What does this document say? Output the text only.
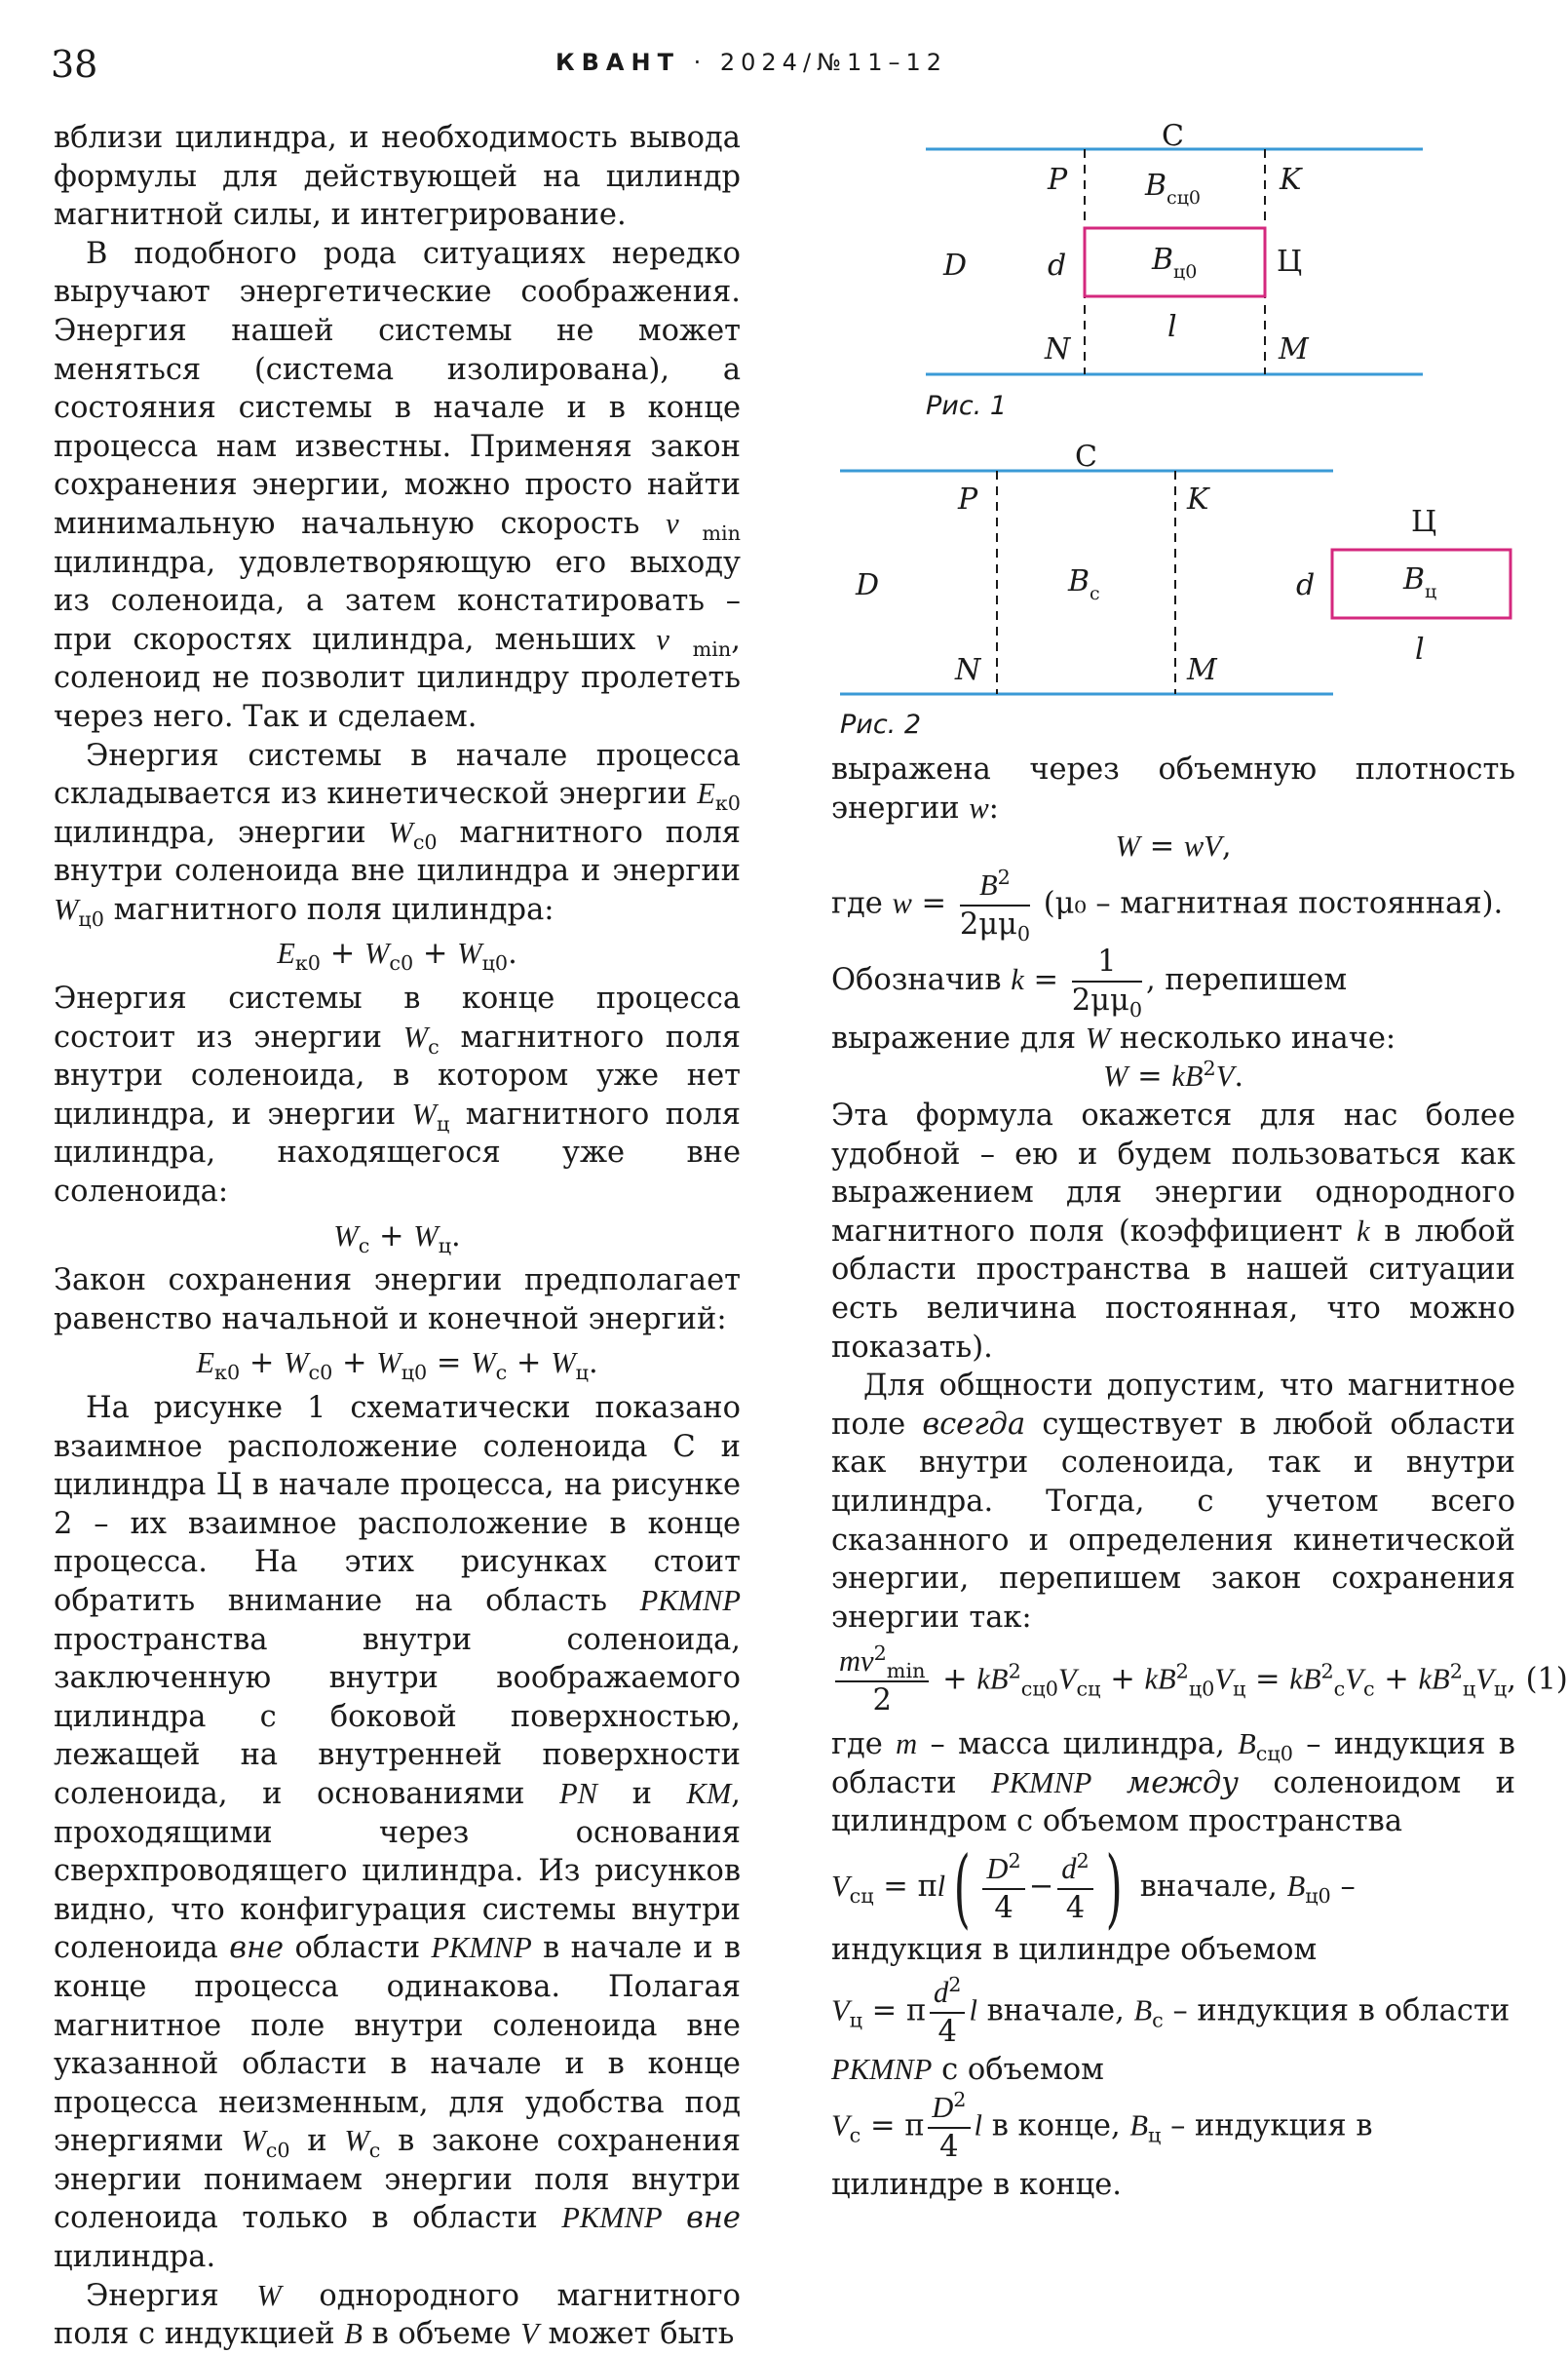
38	КВАНТ · 2024/№11–12
С
P	K
$B_{сц0}$
D	d	$B_{ц0}$	Ц
l
N	M
Рис. 1
С
P	K
D	$B_с$
Ц
d	$B_ц$
l
N	M
Рис. 2

вблизи цилиндра, и необходимость вывода формулы для действующей на цилиндр магнитной силы, и интегрирование.

В подобного рода ситуациях нередко выручают энергетические соображения. Энергия нашей системы не может меняться (система изолирована), а состояния системы в начале и в конце процесса нам известны. Применяя закон сохранения энергии, можно просто найти минимальную начальную скорость $v⃗_{min}$ цилиндра, удовлетворяющую его выходу из соленоида, а затем констатировать – при скоростях цилиндра, меньших $v⃗_{min}$, соленоид не позволит цилиндру пролететь через него. Так и сделаем.

Энергия системы в начале процесса складывается из кинетической энергии $E_{к0}$ цилиндра, энергии $W_{с0}$ магнитного поля внутри соленоида вне цилиндра и энергии $W_{ц0}$ магнитного поля цилиндра:

$E_{к0} + W_{с0} + W_{ц0}$.

Энергия системы в конце процесса состоит из энергии $W_с$ магнитного поля внутри соленоида, в котором уже нет цилиндра, и энергии $W_ц$ магнитного поля цилиндра, находящегося уже вне соленоида:

$W_с + W_ц$.

Закон сохранения энергии предполагает равенство начальной и конечной энергий:

$E_{к0} + W_{с0} + W_{ц0} = W_с + W_ц$.

На рисунке 1 схематически показано взаимное расположение соленоида С и цилиндра Ц в начале процесса, на рисунке 2 – их взаимное расположение в конце процесса. На этих рисунках стоит обратить внимание на область PKMNP пространства внутри соленоида, заключенную внутри воображаемого цилиндра с боковой поверхностью, лежащей на внутренней поверхности соленоида, и основаниями PN и KM, проходящими через основания сверхпроводящего цилиндра. Из рисунков видно, что конфигурация системы внутри соленоида вне области PKMNP в начале и в конце процесса одинакова. Полагая магнитное поле внутри соленоида вне указанной области в начале и в конце процесса неизменным, для удобства под энергиями $W_{с0}$ и $W_с$ в законе сохранения энергии понимаем энергии поля внутри соленоида только в области PKMNP вне цилиндра.

Энергия W однородного магнитного поля с индукцией B в объеме V может быть

выражена через объемную плотность энергии w:

W = wV,

где $w = \frac{B^2}{2\mu\mu_0} (\mu_0$ – магнитная постоянная).

Обозначив $k = \frac{1}{2\mu\mu_0}$ , перепишем выражение для W несколько иначе:

$W = kB^2V$.

Эта формула окажется для нас более удобной – ею и будем пользоваться как выражением для энергии однородного магнитного поля (коэффициент k в любой области пространства в нашей ситуации есть величина постоянная, что можно показать).

Для общности допустим, что магнитное поле всегда существует в любой области как внутри соленоида, так и внутри цилиндра. Тогда, с учетом всего сказанного и определения кинетической энергии, перепишем закон сохранения энергии так:

$\frac{mv^2_{min}}{2} + kB^2_{сц0}V_{сц} + kB^2_{ц0}V_ц = kB^2_сV_с + kB^2_цV_ц$, (1)

где m – масса цилиндра, $B_{сц0}$ – индукция в области PKMNP между соленоидом и цилиндром с объемом пространства

$V_{сц} = \pi l( \frac{D^2}{4} - \frac{d^2}{4}$ ) вначале, $B_{ц0}$ – индукция в цилиндре объемом

$V_ц = \pi \frac{d^2}{4}$ l вначале, $B_с$ – индукция в области PKMNP с объемом

$V_с = \pi \frac{D^2}{4}$ l в конце, $B_ц$ – индукция в цилиндре в конце.
